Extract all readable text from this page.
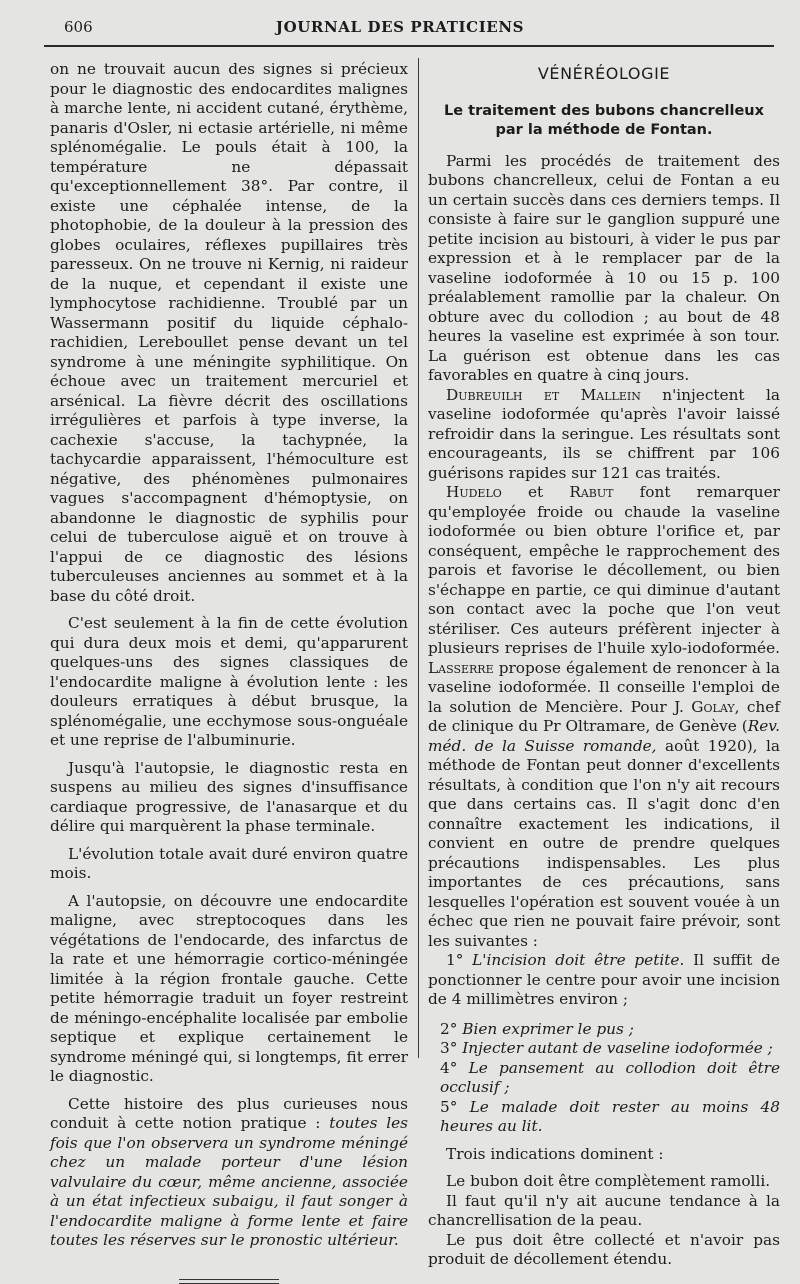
606	JOURNAL DES PRATICIENS

on ne trouvait aucun des signes si précieux pour le diagnostic des endocardites malignes à marche lente, ni accident cutané, érythème, panaris d'Osler, ni ectasie artérielle, ni même splénomégalie. Le pouls était à 100, la température ne dépassait qu'exceptionnellement 38°. Par contre, il existe une céphalée intense, de la photophobie, de la douleur à la pression des globes oculaires, réflexes pupillaires très paresseux. On ne trouve ni Kernig, ni raideur de la nuque, et cependant il existe une lymphocytose rachidienne. Troublé par un Wassermann positif du liquide céphalo-rachidien, Lereboullet pense devant un tel syndrome à une méningite syphilitique. On échoue avec un traitement mercuriel et arsénical. La fièvre décrit des oscillations irrégulières et parfois à type inverse, la cachexie s'accuse, la tachypnée, la tachycardie apparaissent, l'hémoculture est négative, des phénomènes pulmonaires vagues s'accompagnent d'hémoptysie, on abandonne le diagnostic de syphilis pour celui de tuberculose aiguë et on trouve à l'appui de ce diagnostic des lésions tuberculeuses anciennes au sommet et à la base du côté droit.

C'est seulement à la fin de cette évolution qui dura deux mois et demi, qu'apparurent quelques-uns des signes classiques de l'endocardite maligne à évolution lente : les douleurs erratiques à début brusque, la splénomégalie, une ecchymose sous-onguéale et une reprise de l'albuminurie.

Jusqu'à l'autopsie, le diagnostic resta en suspens au milieu des signes d'insuffisance cardiaque progressive, de l'anasarque et du délire qui marquèrent la phase terminale.

L'évolution totale avait duré environ quatre mois.

A l'autopsie, on découvre une endocardite maligne, avec streptocoques dans les végétations de l'endocarde, des infarctus de la rate et une hémorragie cortico-méningée limitée à la région frontale gauche. Cette petite hémorragie traduit un foyer restreint de méningo-encéphalite localisée par embolie septique et explique certainement le syndrome méningé qui, si longtemps, fit errer le diagnostic.

Cette histoire des plus curieuses nous conduit à cette notion pratique : toutes les fois que l'on observera un syndrome méningé chez un malade porteur d'une lésion valvulaire du cœur, même ancienne, associée à un état infectieux subaigu, il faut songer à l'endocardite maligne à forme lente et faire toutes les réserves sur le pronostic ultérieur.

VÉNÉRÉOLOGIE
Le traitement des bubons chancrelleux par la méthode de Fontan.

Parmi les procédés de traitement des bubons chancrelleux, celui de Fontan a eu un certain succès dans ces derniers temps. Il consiste à faire sur le ganglion suppuré une petite incision au bistouri, à vider le pus par expression et à le remplacer par de la vaseline iodoformée à 10 ou 15 p. 100 préalablement ramollie par la chaleur. On obture avec du collodion ; au bout de 48 heures la vaseline est exprimée à son tour. La guérison est obtenue dans les cas favorables en quatre à cinq jours.

Dubreuilh et Mallein n'injectent la vaseline iodoformée qu'après l'avoir laissé refroidir dans la seringue. Les résultats sont encourageants, ils se chiffrent par 106 guérisons rapides sur 121 cas traités.

Hudelo et Rabut font remarquer qu'employée froide ou chaude la vaseline iodoformée ou bien obture l'orifice et, par conséquent, empêche le rapprochement des parois et favorise le décollement, ou bien s'échappe en partie, ce qui diminue d'autant son contact avec la poche que l'on veut stériliser. Ces auteurs préfèrent injecter à plusieurs reprises de l'huile xylo-iodoformée. Lasserre propose également de renoncer à la vaseline iodoformée. Il conseille l'emploi de la solution de Mencière. Pour J. Golay, chef de clinique du Pr Oltramare, de Genève (Rev. méd. de la Suisse romande, août 1920), la méthode de Fontan peut donner d'excellents résultats, à condition que l'on n'y ait recours que dans certains cas. Il s'agit donc d'en connaître exactement les indications, il convient en outre de prendre quelques précautions indispensables. Les plus importantes de ces précautions, sans lesquelles l'opération est souvent vouée à un échec que rien ne pouvait faire prévoir, sont les suivantes :

1° L'incision doit être petite. Il suffit de ponctionner le centre pour avoir une incision de 4 millimètres environ ;

2° Bien exprimer le pus ;
3° Injecter autant de vaseline iodoformée ;
4° Le pansement au collodion doit être occlusif ;
5° Le malade doit rester au moins 48 heures au lit.

Trois indications dominent :

Le bubon doit être complètement ramolli.

Il faut qu'il n'y ait aucune tendance à la chancrellisation de la peau.

Le pus doit être collecté et n'avoir pas produit de décollement étendu.
